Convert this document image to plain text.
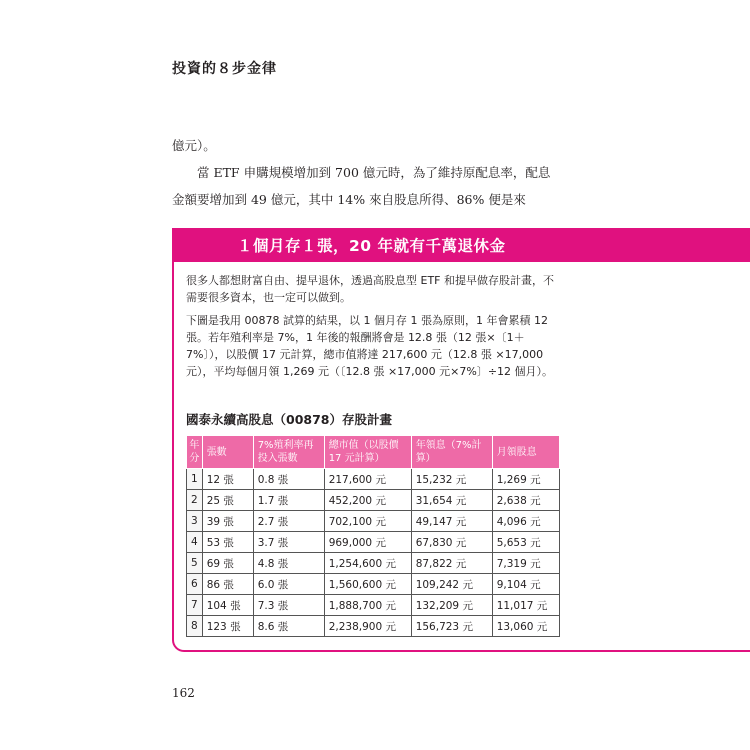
投資的８步金律

億元）。

當 ETF 申購規模增加到 700 億元時，為了維持原配息率，配息金額要增加到 49 億元，其中 14% 來自股息所得、86% 便是來

１個月存１張，20 年就有千萬退休金

很多人都想財富自由、提早退休，透過高股息型 ETF 和提早做存股計畫，不需要很多資本，也一定可以做到。

下圖是我用 00878 試算的結果，以 1 個月存 1 張為原則，1 年會累積 12 張。若年殖利率是 7%，1 年後的報酬將會是 12.8 張（12 張×〔1＋7%〕），以股價 17 元計算，總市值將達 217,600 元（12.8 張 ×17,000 元），平均每個月領 1,269 元（〔12.8 張 ×17,000 元×7%〕÷12 個月）。

國泰永續高股息（00878）存股計畫
年分	張數	7%殖利率再投入張數	總市值（以股價 17 元計算）	年領息（7%計算）	月領股息
1	12 張	0.8 張	217,600 元	15,232 元	1,269 元
2	25 張	1.7 張	452,200 元	31,654 元	2,638 元
3	39 張	2.7 張	702,100 元	49,147 元	4,096 元
4	53 張	3.7 張	969,000 元	67,830 元	5,653 元
5	69 張	4.8 張	1,254,600 元	87,822 元	7,319 元
6	86 張	6.0 張	1,560,600 元	109,242 元	9,104 元
7	104 張	7.3 張	1,888,700 元	132,209 元	11,017 元
8	123 張	8.6 張	2,238,900 元	156,723 元	13,060 元
162
